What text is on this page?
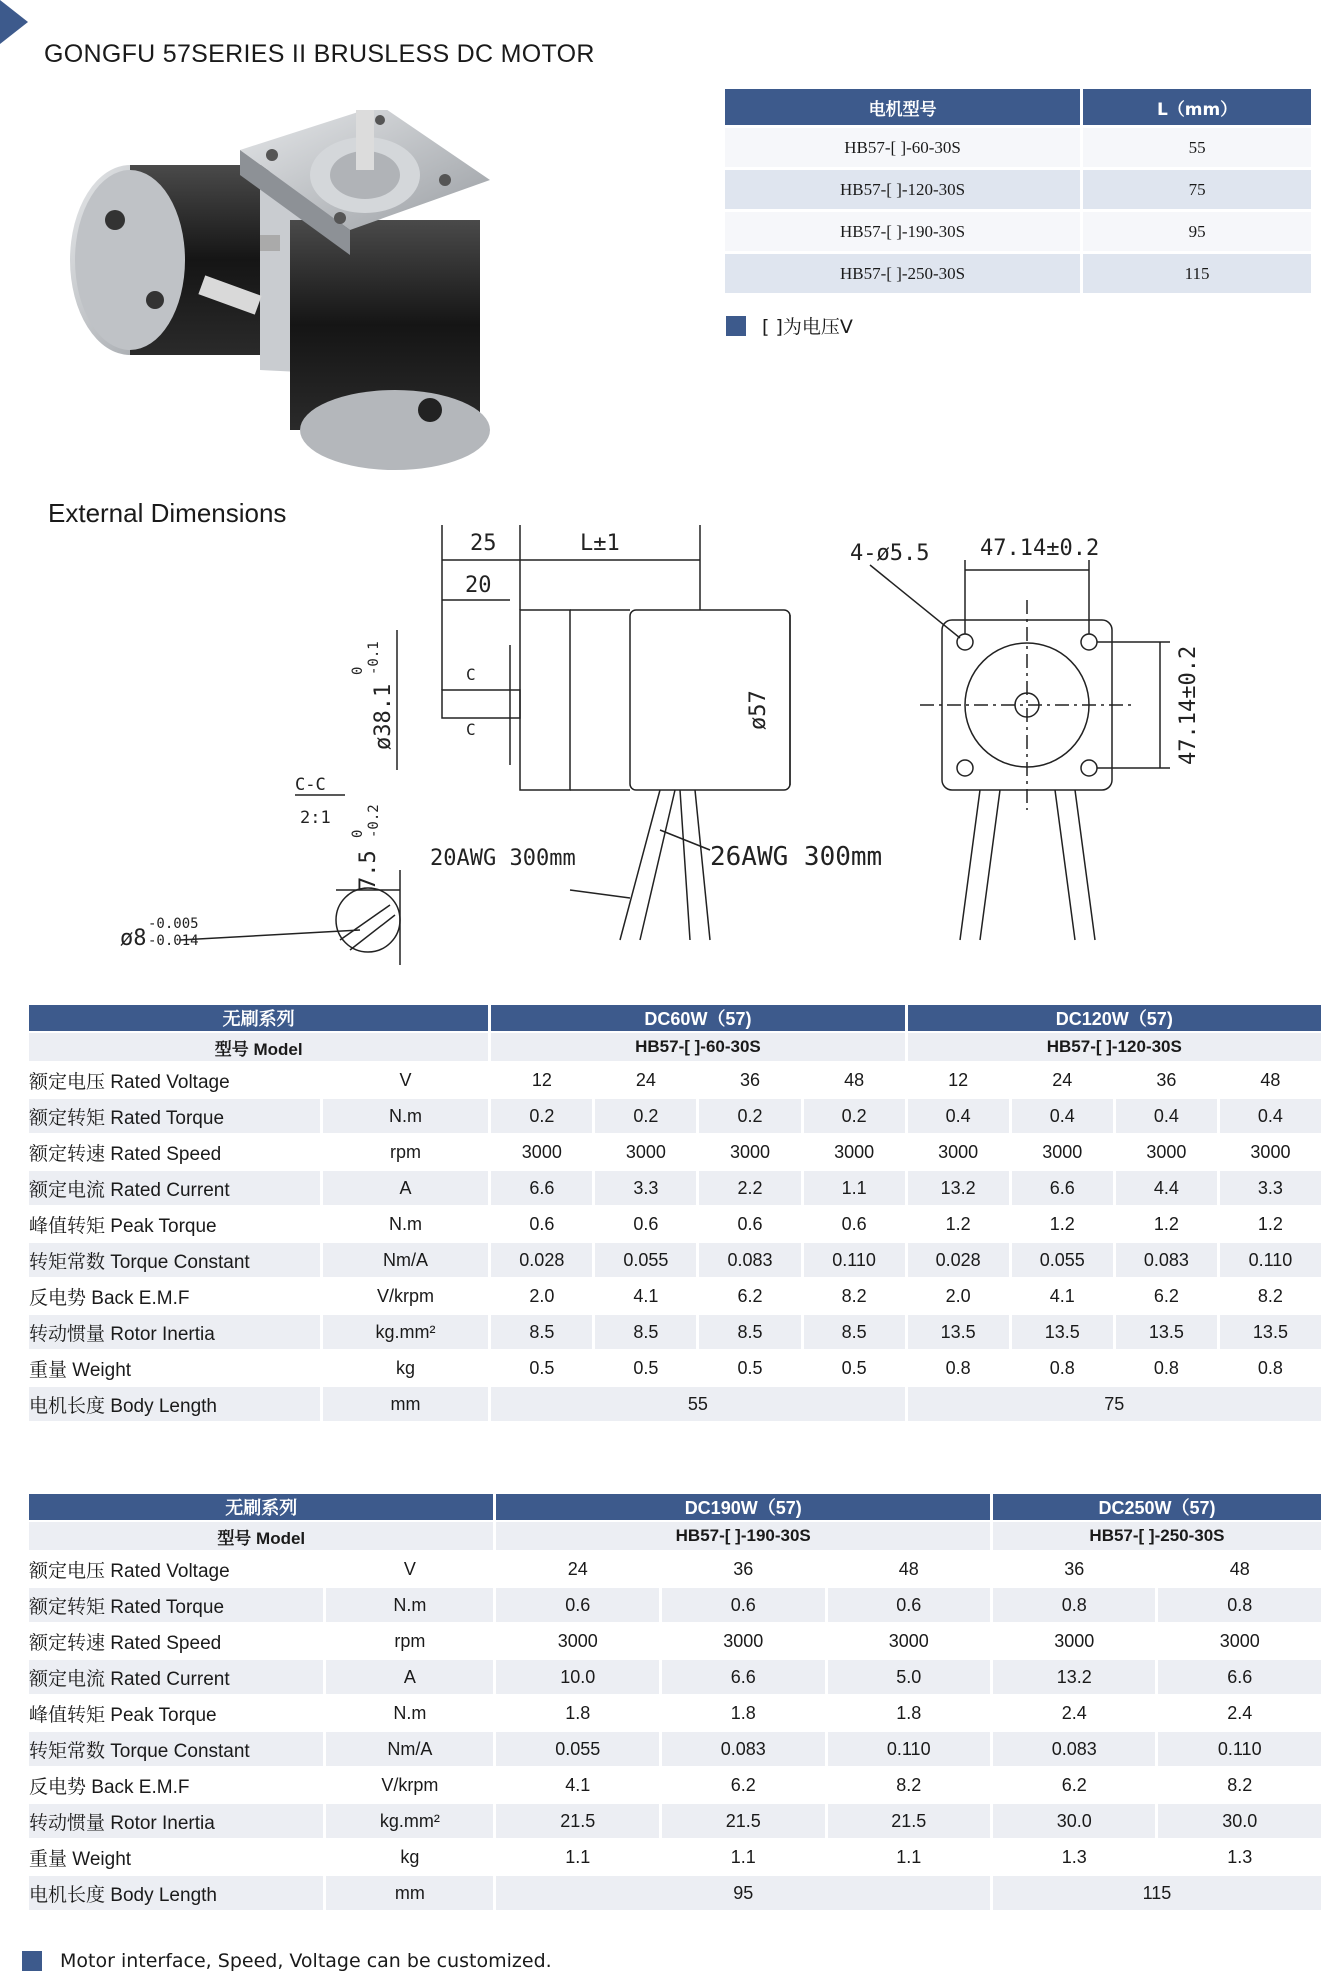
GONGFU 57SERIES II BRUSLESS DC MOTOR
电机型号	L（mm）
HB57-[ ]-60-30S	55
HB57-[ ]-120-30S	75
HB57-[ ]-190-30S	95
HB57-[ ]-250-30S	115
[ ]为电压V
External Dimensions
25	L±1
20
C
C
ø38.1
0 -0.1
ø57
20AWG 300mm	26AWG 300mm
C-C
2:1
7.5
0 -0.2
ø8
-0.005
-0.014
4-ø5.5 47.14±0.2
47.14±0.2
无刷系列		DC60W（57)				DC120W（57)			
型号 Model		HB57-[ ]-60-30S				HB57-[ ]-120-30S			
额定电压 Rated Voltage	V	12	24	36	48	12	24	36	48
额定转矩 Rated Torque	N.m	0.2	0.2	0.2	0.2	0.4	0.4	0.4	0.4
额定转速 Rated Speed	rpm	3000	3000	3000	3000	3000	3000	3000	3000
额定电流 Rated Current	A	6.6	3.3	2.2	1.1	13.2	6.6	4.4	3.3
峰值转矩 Peak Torque	N.m	0.6	0.6	0.6	0.6	1.2	1.2	1.2	1.2
转矩常数 Torque Constant	Nm/A	0.028	0.055	0.083	0.110	0.028	0.055	0.083	0.110
反电势 Back E.M.F	V/krpm	2.0	4.1	6.2	8.2	2.0	4.1	6.2	8.2
转动惯量 Rotor Inertia	kg.mm²	8.5	8.5	8.5	8.5	13.5	13.5	13.5	13.5
重量 Weight	kg	0.5	0.5	0.5	0.5	0.8	0.8	0.8	0.8
电机长度 Body Length	mm	55				75			
无刷系列		DC190W（57)			DC250W（57)	
型号 Model		HB57-[ ]-190-30S			HB57-[ ]-250-30S	
额定电压 Rated Voltage	V	24	36	48	36	48
额定转矩 Rated Torque	N.m	0.6	0.6	0.6	0.8	0.8
额定转速 Rated Speed	rpm	3000	3000	3000	3000	3000
额定电流 Rated Current	A	10.0	6.6	5.0	13.2	6.6
峰值转矩 Peak Torque	N.m	1.8	1.8	1.8	2.4	2.4
转矩常数 Torque Constant	Nm/A	0.055	0.083	0.110	0.083	0.110
反电势 Back E.M.F	V/krpm	4.1	6.2	8.2	6.2	8.2
转动惯量 Rotor Inertia	kg.mm²	21.5	21.5	21.5	30.0	30.0
重量 Weight	kg	1.1	1.1	1.1	1.3	1.3
电机长度 Body Length	mm	95			115	
Motor interface, Speed, Voltage can be customized.
